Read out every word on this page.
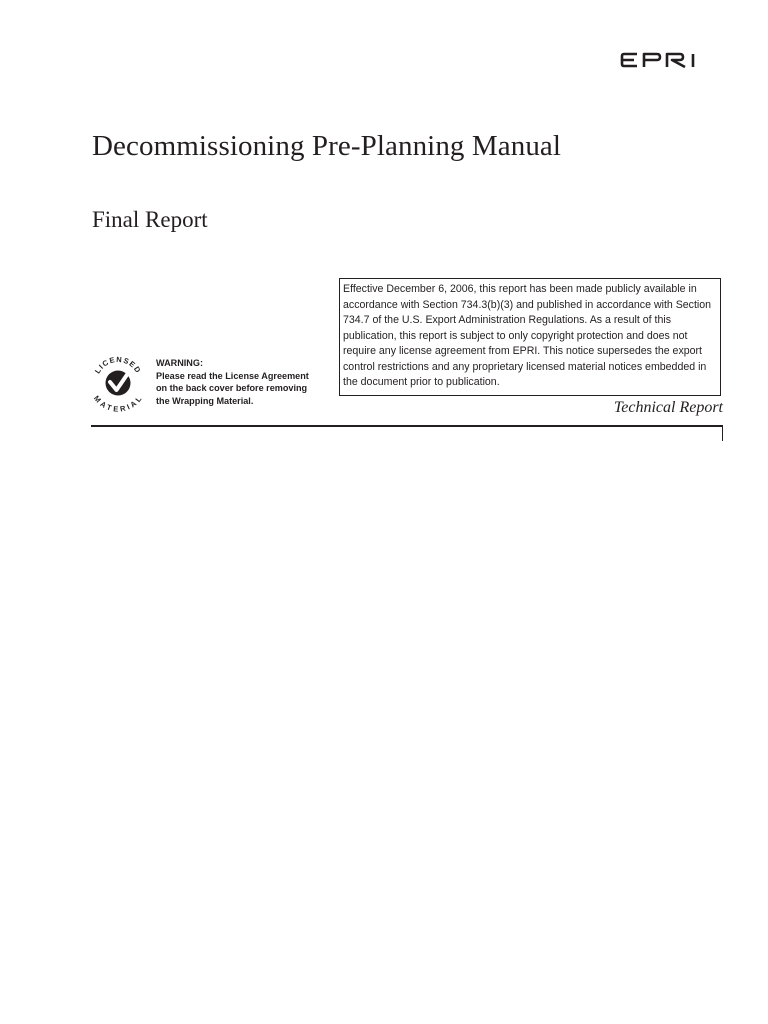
Decommissioning Pre-Planning Manual
Final Report
Effective December 6, 2006, this report has been made publicly available in accordance with Section 734.3(b)(3) and published in accordance with Section 734.7 of the U.S. Export Administration Regulations. As a result of this publication, this report is subject to only copyright protection and does not require any license agreement from EPRI. This notice supersedes the export control restrictions and any proprietary licensed material notices embedded in the document prior to publication.
LICENSED
MATERIAL
WARNING:
Please read the License Agreement
on the back cover before removing
the Wrapping Material.	Technical Report
